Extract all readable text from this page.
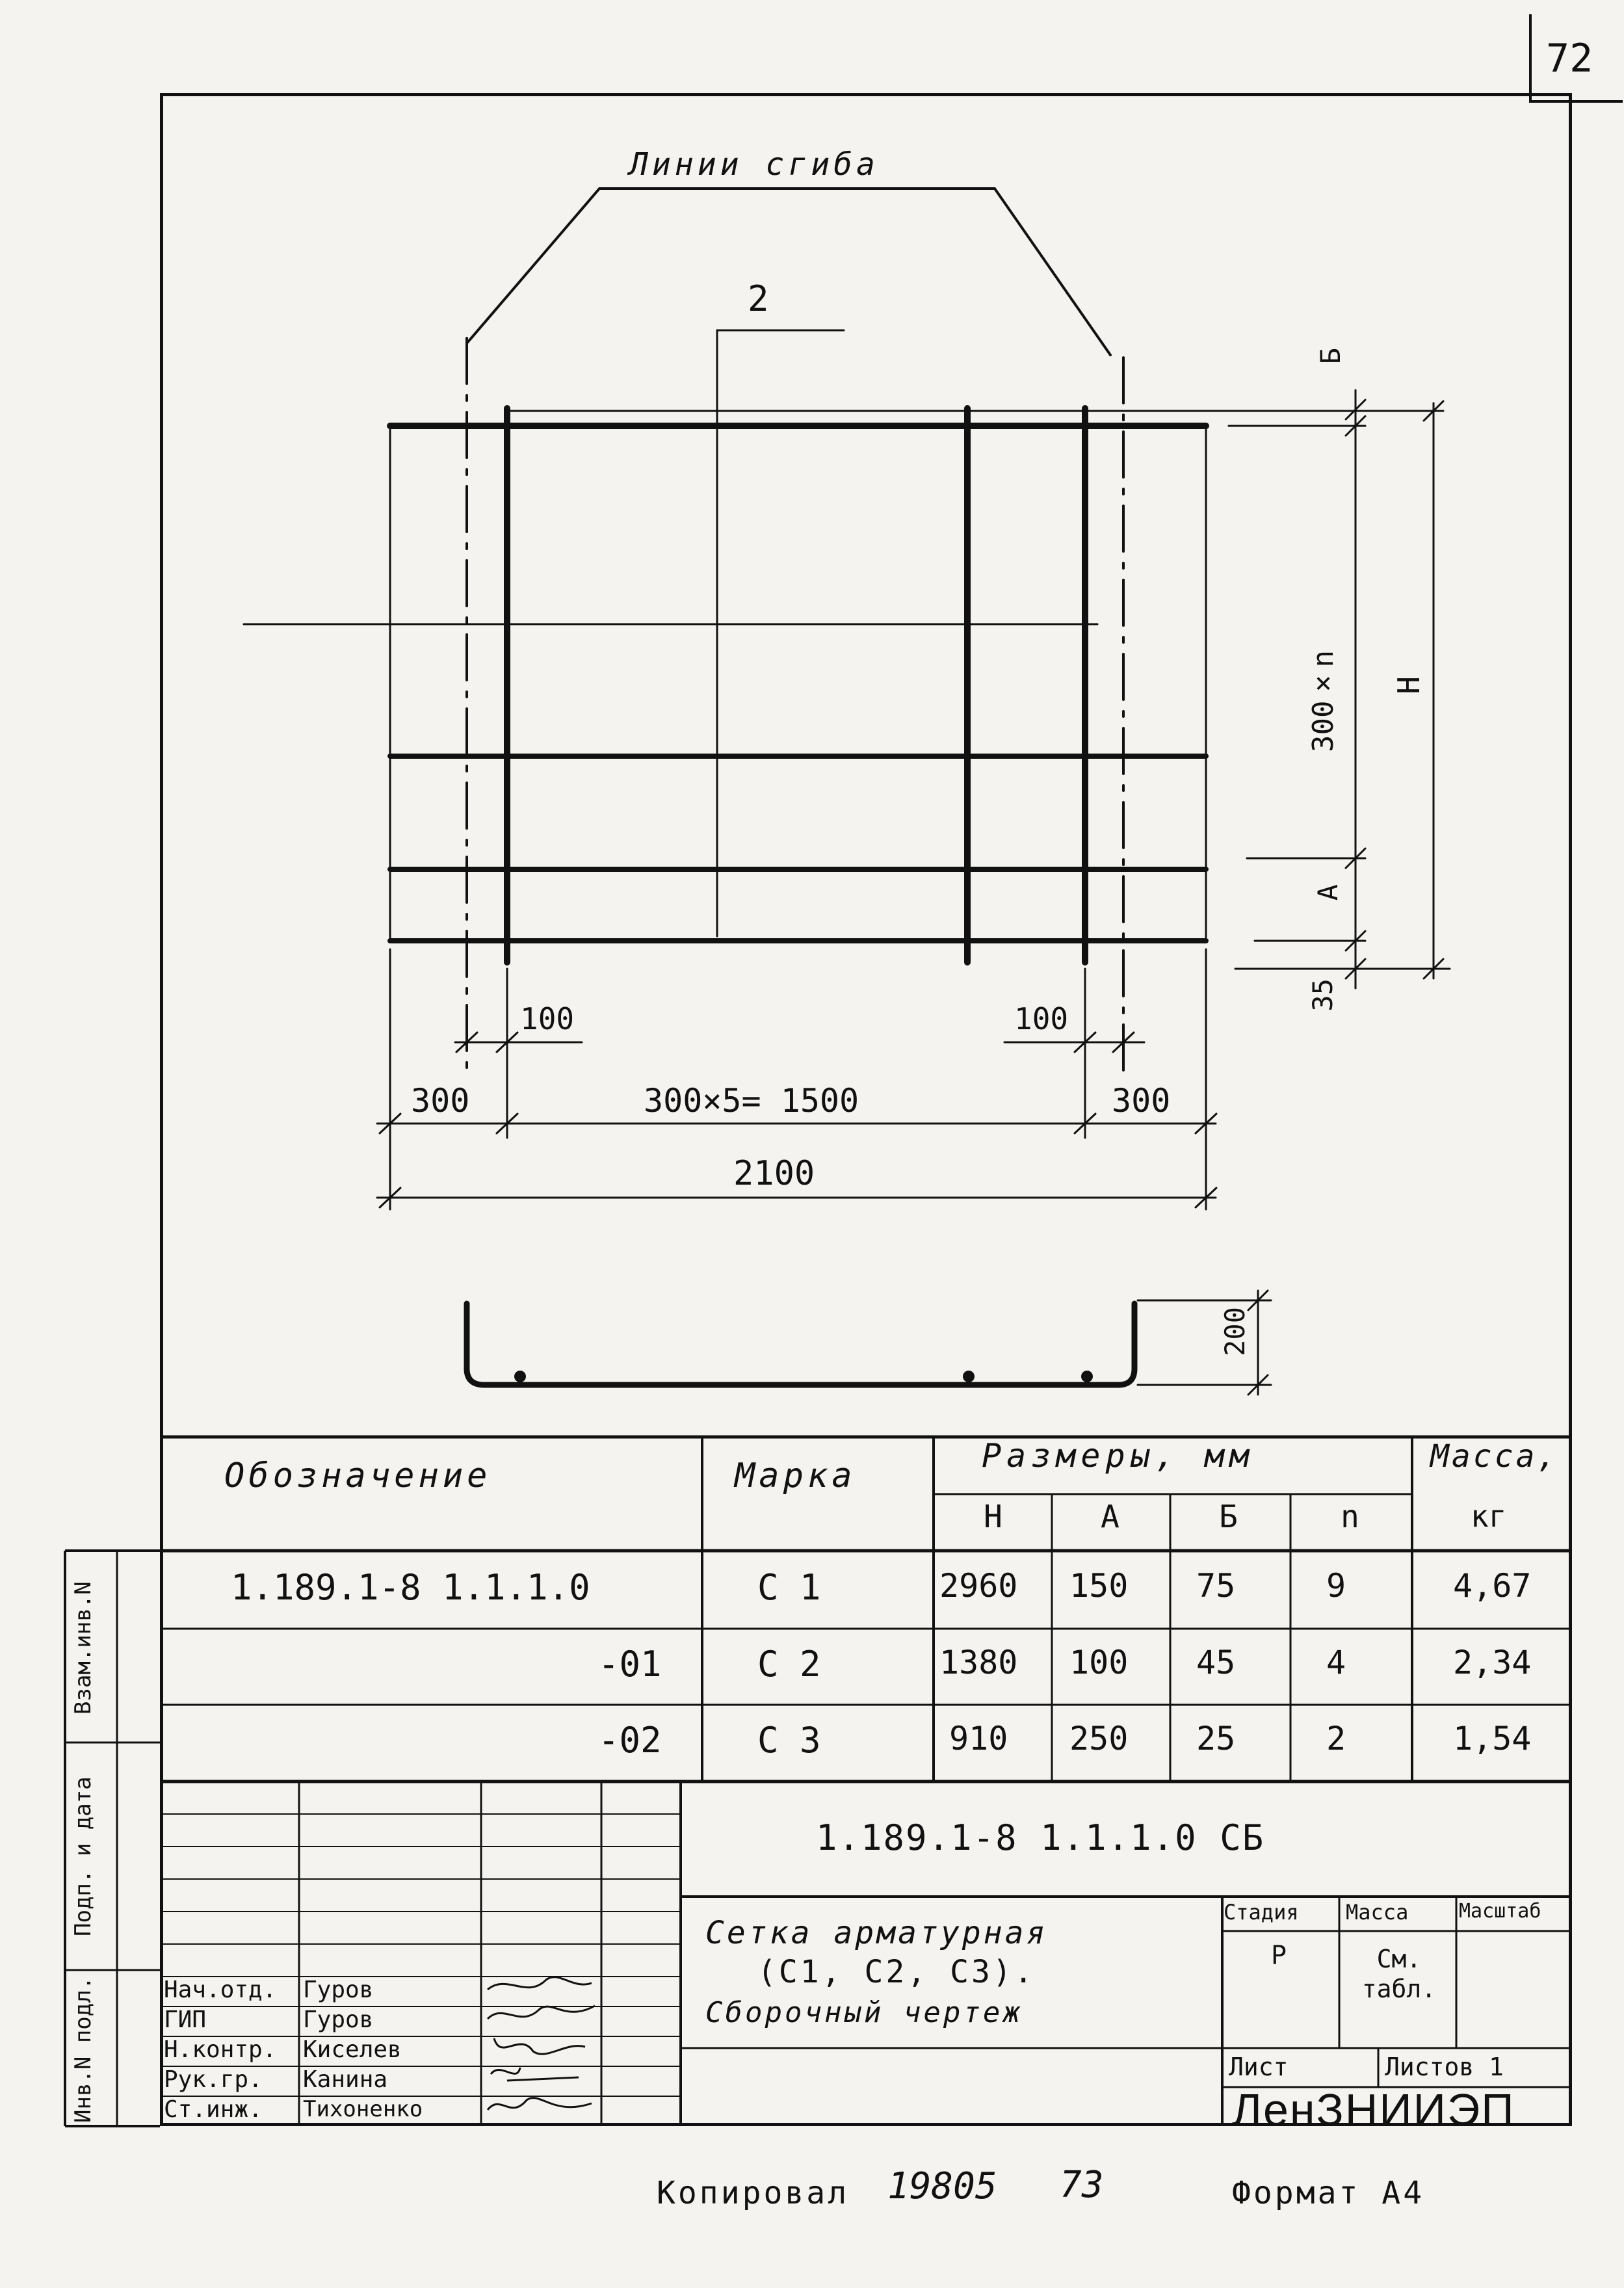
72
Линии сгиба
2
Б
300×n H
A
35
100	100
300	300×5= 1500	300
2100
200
Обозначение	Марка
Размеры, мм	Масса,
кг
H	A	Б	n
1.189.1-8 1.1.1.0	С 1	2960 150 75	9	4,67
-01	С 2	1380 100 45	4	2,34
-02	С 3	910 250 25	2	1,54
Взам.инв.N
Подп. и дата
Инв.N подл.
1.189.1-8 1.1.1.0 СБ
Сетка арматурная
(С1, С2, С3).
Сборочный чертеж
Стадия Масса	Масштаб
Р	См. табл.
Лист	Листов 1
ЛенЗНИИЭП
Нач.отд. Гуров
ГИП	Гуров
Н.контр. Киселев
Рук.гр. Канина
Ст.инж. Тихоненко
Копировал 19805 73	Формат А4
